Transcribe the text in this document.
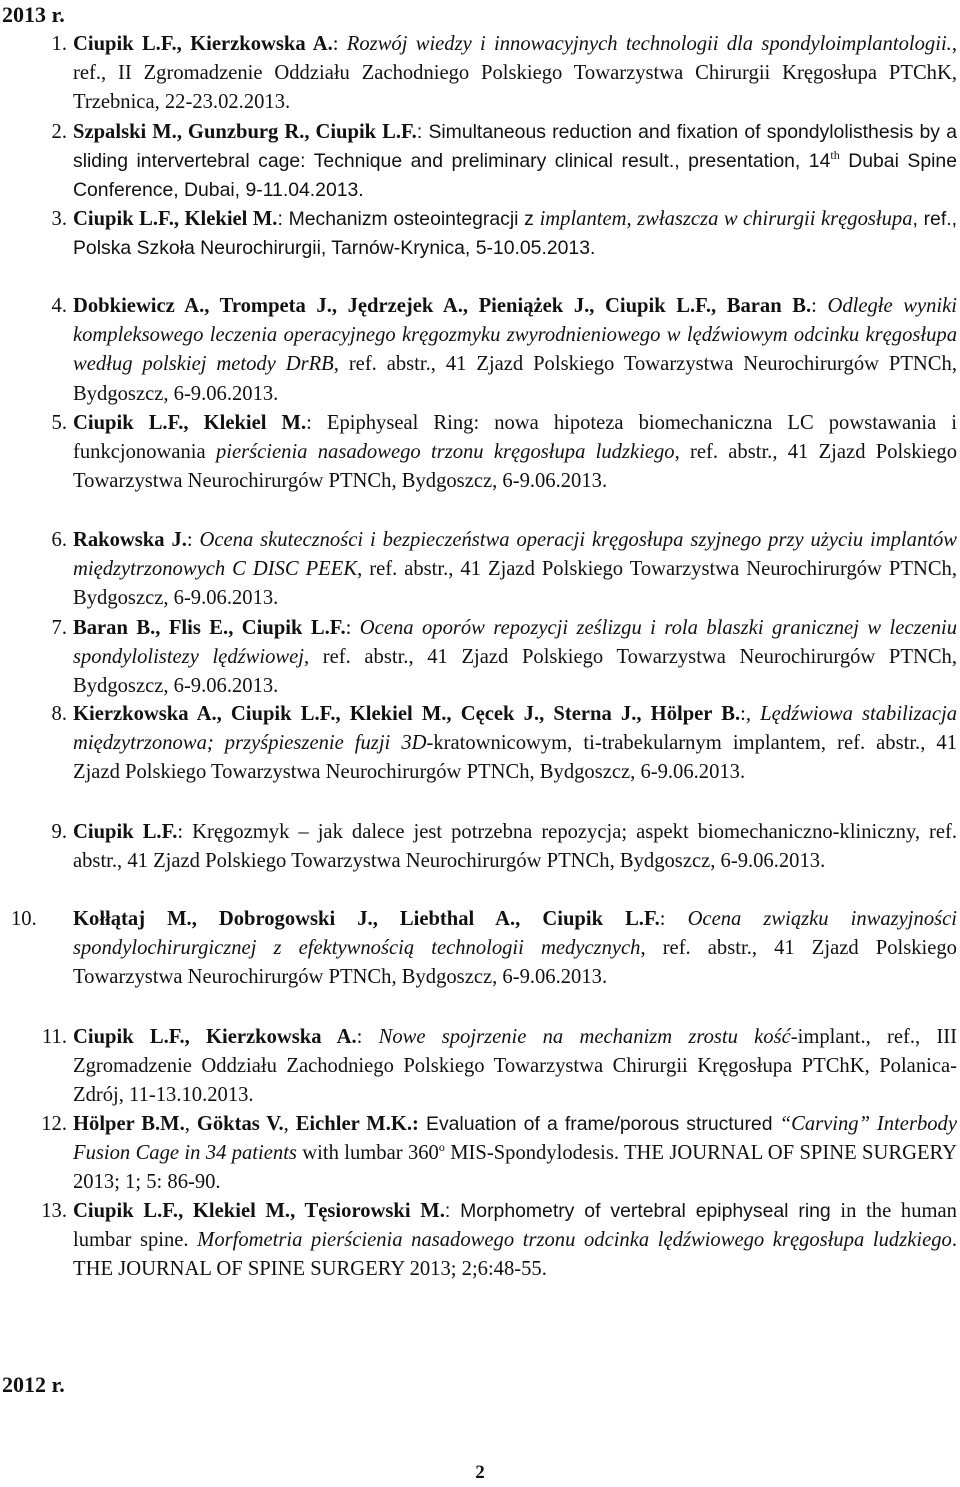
2013 r.
1. Ciupik L.F., Kierzkowska A.: Rozwój wiedzy i innowacyjnych technologii dla spondyloimplantologii., ref., II Zgromadzenie Oddziału Zachodniego Polskiego Towarzystwa Chirurgii Kręgosłupa PTChK, Trzebnica, 22-23.02.2013.
2. Szpalski M., Gunzburg R., Ciupik L.F.: Simultaneous reduction and fixation of spondylolisthesis by a sliding intervertebral cage: Technique and preliminary clinical result., presentation, 14th Dubai Spine Conference, Dubai, 9-11.04.2013.
3. Ciupik L.F., Klekiel M.: Mechanizm osteointegracji z implantem, zwłaszcza w chirurgii kręgosłupa, ref., Polska Szkoła Neurochirurgii, Tarnów-Krynica, 5-10.05.2013.
4. Dobkiewicz A., Trompeta J., Jędrzejek A., Pieniążek J., Ciupik L.F., Baran B.: Odległe wyniki kompleksowego leczenia operacyjnego kręgozmyku zwyrodnieniowego w lędźwiowym odcinku kręgosłupa według polskiej metody DrRB, ref. abstr., 41 Zjazd Polskiego Towarzystwa Neurochirurgów PTNCh, Bydgoszcz, 6-9.06.2013.
5. Ciupik L.F., Klekiel M.: Epiphyseal Ring: nowa hipoteza biomechaniczna LC powstawania i funkcjonowania pierścienia nasadowego trzonu kręgosłupa ludzkiego, ref. abstr., 41 Zjazd Polskiego Towarzystwa Neurochirurgów PTNCh, Bydgoszcz, 6-9.06.2013.
6. Rakowska J.: Ocena skuteczności i bezpieczeństwa operacji kręgosłupa szyjnego przy użyciu implantów międzytrzonowych C DISC PEEK, ref. abstr., 41 Zjazd Polskiego Towarzystwa Neurochirurgów PTNCh, Bydgoszcz, 6-9.06.2013.
7. Baran B., Flis E., Ciupik L.F.: Ocena oporów repozycji ześlizgu i rola blaszki granicznej w leczeniu spondylolistezy lędźwiowej, ref. abstr., 41 Zjazd Polskiego Towarzystwa Neurochirurgów PTNCh, Bydgoszcz, 6-9.06.2013.
8. Kierzkowska A., Ciupik L.F., Klekiel M., Cęcek J., Sterna J., Hölper B.:, Lędźwiowa stabilizacja międzytrzonowa; przyśpieszenie fuzji 3D-kratownicowym, ti-trabekularnym implantem, ref. abstr., 41 Zjazd Polskiego Towarzystwa Neurochirurgów PTNCh, Bydgoszcz, 6-9.06.2013.
9. Ciupik L.F.: Kręgozmyk – jak dalece jest potrzebna repozycja; aspekt biomechaniczno-kliniczny, ref. abstr., 41 Zjazd Polskiego Towarzystwa Neurochirurgów PTNCh, Bydgoszcz, 6-9.06.2013.
10.	Kołłątaj M., Dobrogowski J., Liebthal A., Ciupik L.F.: Ocena związku inwazyjności spondylochirurgicznej z efektywnością technologii medycznych, ref. abstr., 41 Zjazd Polskiego Towarzystwa Neurochirurgów PTNCh, Bydgoszcz, 6-9.06.2013.
11. Ciupik L.F., Kierzkowska A.: Nowe spojrzenie na mechanizm zrostu kość-implant., ref., III Zgromadzenie Oddziału Zachodniego Polskiego Towarzystwa Chirurgii Kręgosłupa PTChK, Polanica-Zdrój, 11-13.10.2013.
12. Hölper B.M., Göktas V., Eichler M.K.: Evaluation of a frame/porous structured “Carving” Interbody Fusion Cage in 34 patients with lumbar 360$^o$ MIS-Spondylodesis. THE JOURNAL OF SPINE SURGERY 2013; 1; 5: 86-90.
13. Ciupik L.F., Klekiel M., Tęsiorowski M.: Morphometry of vertebral epiphyseal ring in the human lumbar spine. Morfometria pierścienia nasadowego trzonu odcinka lędźwiowego kręgosłupa ludzkiego. THE JOURNAL OF SPINE SURGERY 2013; 2;6:48-55.
2012 r.
2
